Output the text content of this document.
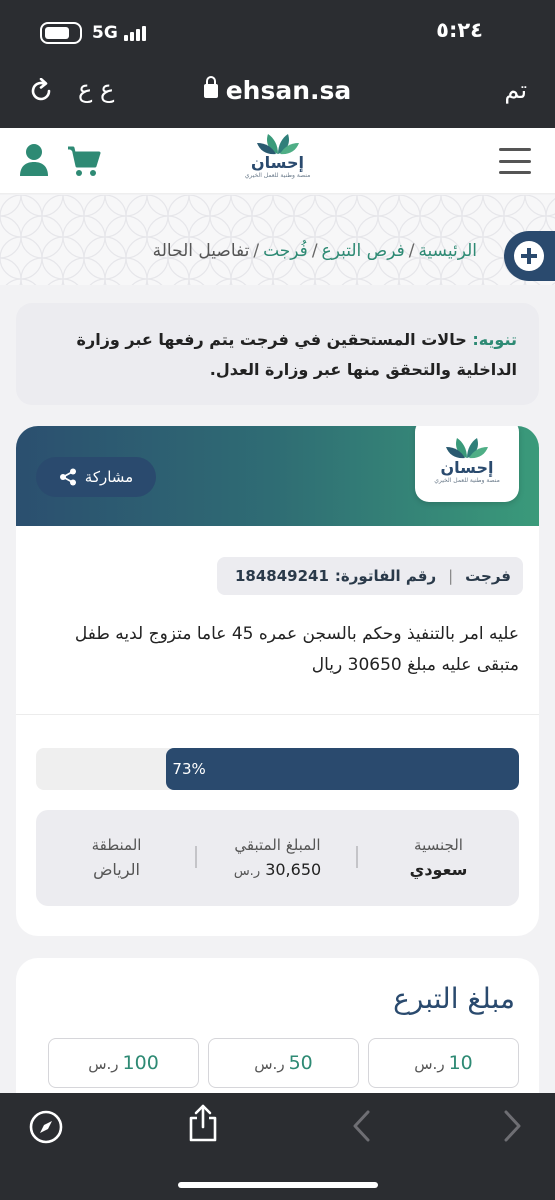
5G	٥:٢٤
تم
ehsan.sa
ع ع
إحسان
منصة وطنية للعمل الخيري
الرئيسية/فرص التبرع/فُرجت/تفاصيل الحالة
تنويه: حالات المستحقين في فرجت يتم رفعها عبر وزارة الداخلية والتحقق منها عبر وزارة العدل.
إحسان
منصة وطنية للعمل الخيري
مشاركة
فرجت
|
رقم الفاتورة:
184849241
عليه امر بالتنفيذ وحكم بالسجن عمره 45 عاما متزوج لديه طفل متبقى عليه مبلغ 30650 ريال
73%
الجنسية
سعودي
المبلغ المتبقي
30,650 ر.س
المنطقة
الرياض
مبلغ التبرع
10ر.س
50ر.س
100ر.س
